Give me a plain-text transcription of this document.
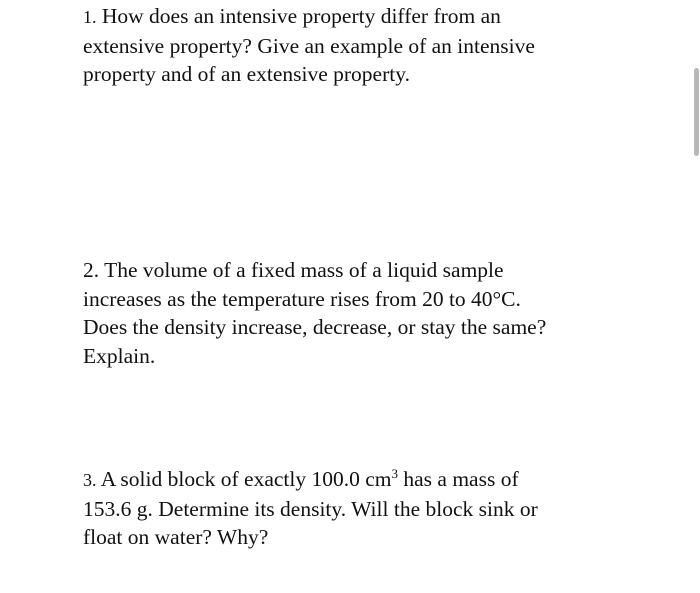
1. How does an intensive property differ from an
extensive property? Give an example of an intensive
property and of an extensive property.
2. The volume of a fixed mass of a liquid sample
increases as the temperature rises from 20 to 40°C.
Does the density increase, decrease, or stay the same?
Explain.
3. A solid block of exactly 100.0 $cm^3$ has a mass of
153.6 g. Determine its density. Will the block sink or
float on water? Why?
